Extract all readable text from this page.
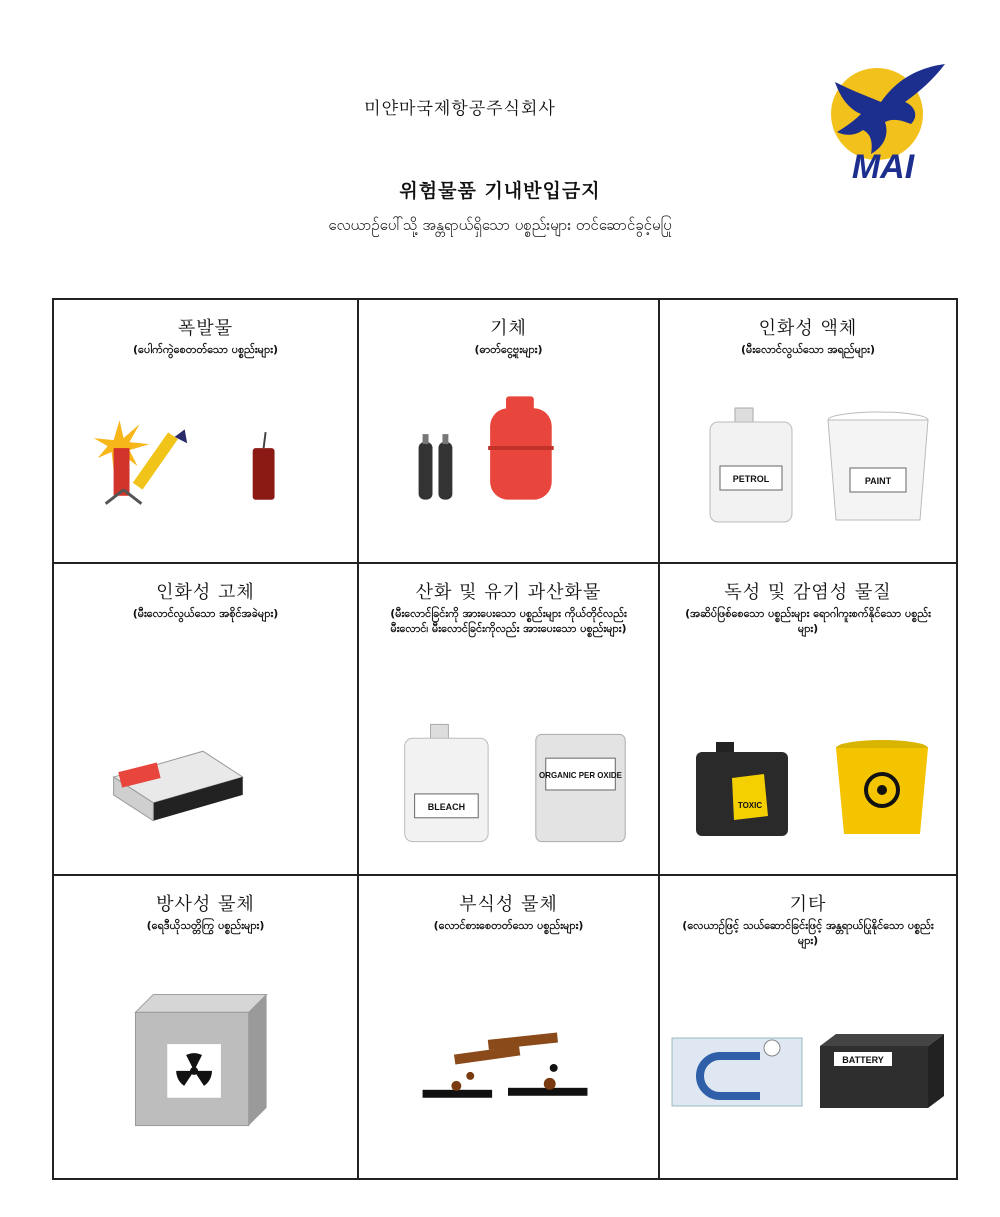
미얀마국제항공주식회사
MAI
위험물품 기내반입금지
လေယာဉ်ပေါ်သို့ အန္တရာယ်ရှိသော ပစ္စည်းများ တင်ဆောင်ခွင့်မပြု
폭발물
(ပေါက်ကွဲစေတတ်သော ပစ္စည်းများ)
기체
(ဓာတ်ငွေ့ဗူးများ)
인화성 액체
(မီးလောင်လွယ်သော အရည်များ)
PETROL	PAINT
인화성 고체
(မီးလောင်လွယ်သော အစိုင်အခဲများ)
산화 및 유기 과산화물
(မီးလောင်ခြင်းကို အားပေးသော ပစ္စည်းများ ကိုယ်တိုင်လည်း မီးလောင်၊ မီးလောင်ခြင်းကိုလည်း အားပေးသော ပစ္စည်းများ)
BLEACH
ORGANIC PER OXIDE
독성 및 감염성 물질
(အဆိပ်ဖြစ်စေသော ပစ္စည်းများ ရောဂါကူးစက်နိုင်သော ပစ္စည်းများ)
TOXIC
방사성 물체
(ရေဒီယိုသတ္တိကြွ ပစ္စည်းများ)
부식성 물체
(လောင်စားစေတတ်သော ပစ္စည်းများ)
기타
(လေယာဉ်ဖြင့် သယ်ဆောင်ခြင်းဖြင့် အန္တရာယ်ပြုနိုင်သော ပစ္စည်းများ)
BATTERY
